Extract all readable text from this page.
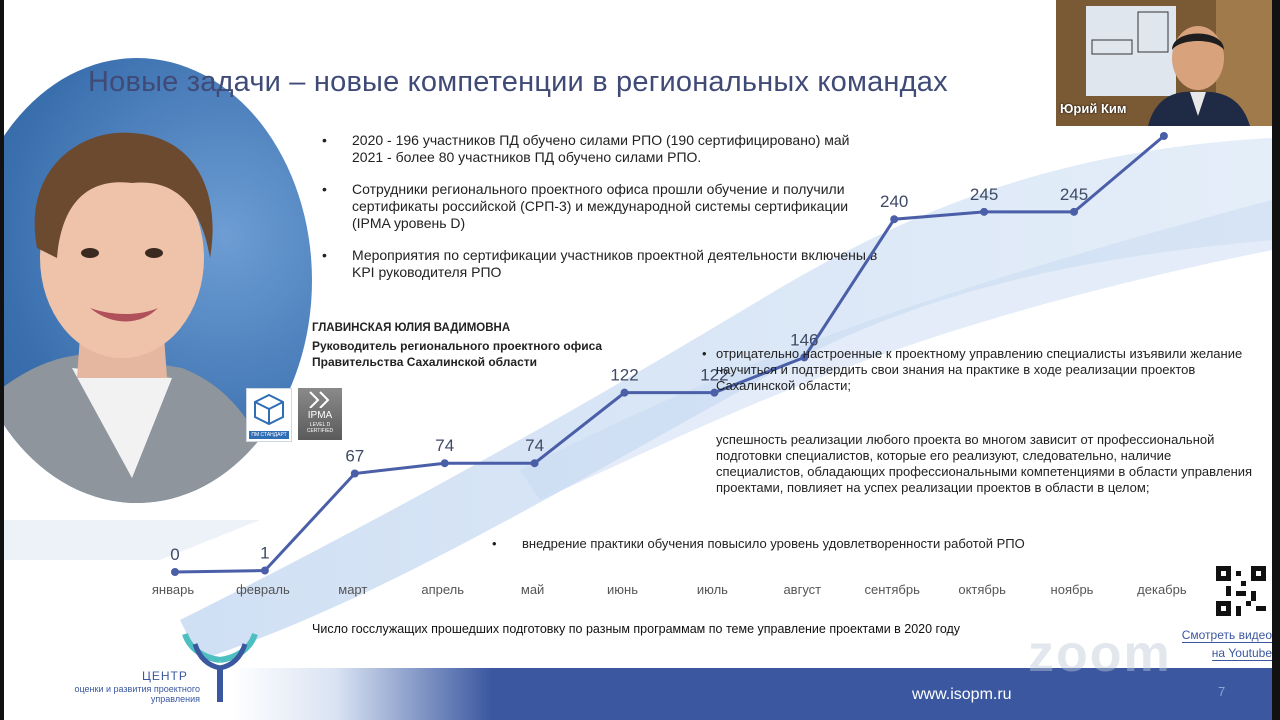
Новые задачи – новые компетенции в региональных командах
• 2020 - 196 участников ПД обучено силами РПО (190 сертифицировано) май 2021 - более 80 участников ПД обучено силами РПО.
• Сотрудники регионального проектного офиса прошли обучение и получили сертификаты российской (СРП-3) и международной системы сертификации (IPMA уровень D)
• Мероприятия по сертификации участников проектной деятельности включены в KPI руководителя РПО
ГЛАВИНСКАЯ ЮЛИЯ ВАДИМОВНА
Руководитель регионального проектного офиса
Правительства Сахалинской области
ПМ СТАНДАРТ
IPMA
LEVEL D CERTIFIED
0	1
67
74	74
122	122
146
240	245	245
январь	февраль	март	апрель	май	июнь	июль	август	сентябрь	октябрь	ноябрь	декабрь
• отрицательно настроенные к проектному управлению специалисты изъявили желание научиться и подтвердить свои знания на практике в ходе реализации проектов Сахалинской области;
успешность реализации любого проекта во многом зависит от профессиональной подготовки специалистов, которые его реализуют, следовательно, наличие специалистов, обладающих профессиональными компетенциями в области управления проектами, повлияет на успех реализации проектов в области в целом;
• внедрение практики обучения повысило уровень удовлетворенности работой РПО
Число госслужащих прошедших подготовку по разным программам по теме управление проектами в 2020 году
www.isopm.ru	7
ЦЕНТР
оценки и развития проектного управления
Смотреть видео
на Youtube
zoom
Юрий Ким
